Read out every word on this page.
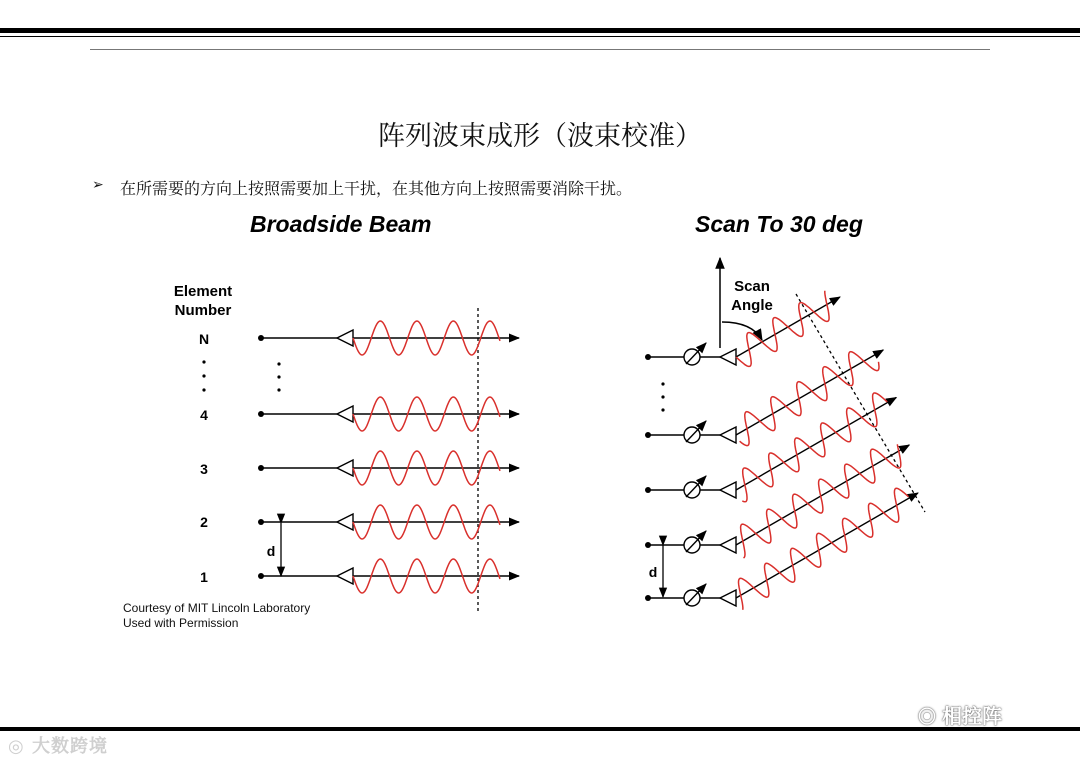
阵列波束成形（波束校准）
➢ 在所需要的方向上按照需要加上干扰，在其他方向上按照需要消除干扰。
Broadside Beam	Scan To 30 deg
Element
Number
N
4
3
2
1
d
Scan
Angle
d
Courtesy of MIT Lincoln Laboratory
Used with Permission
◎ 大数跨境
⦿ 相控阵
